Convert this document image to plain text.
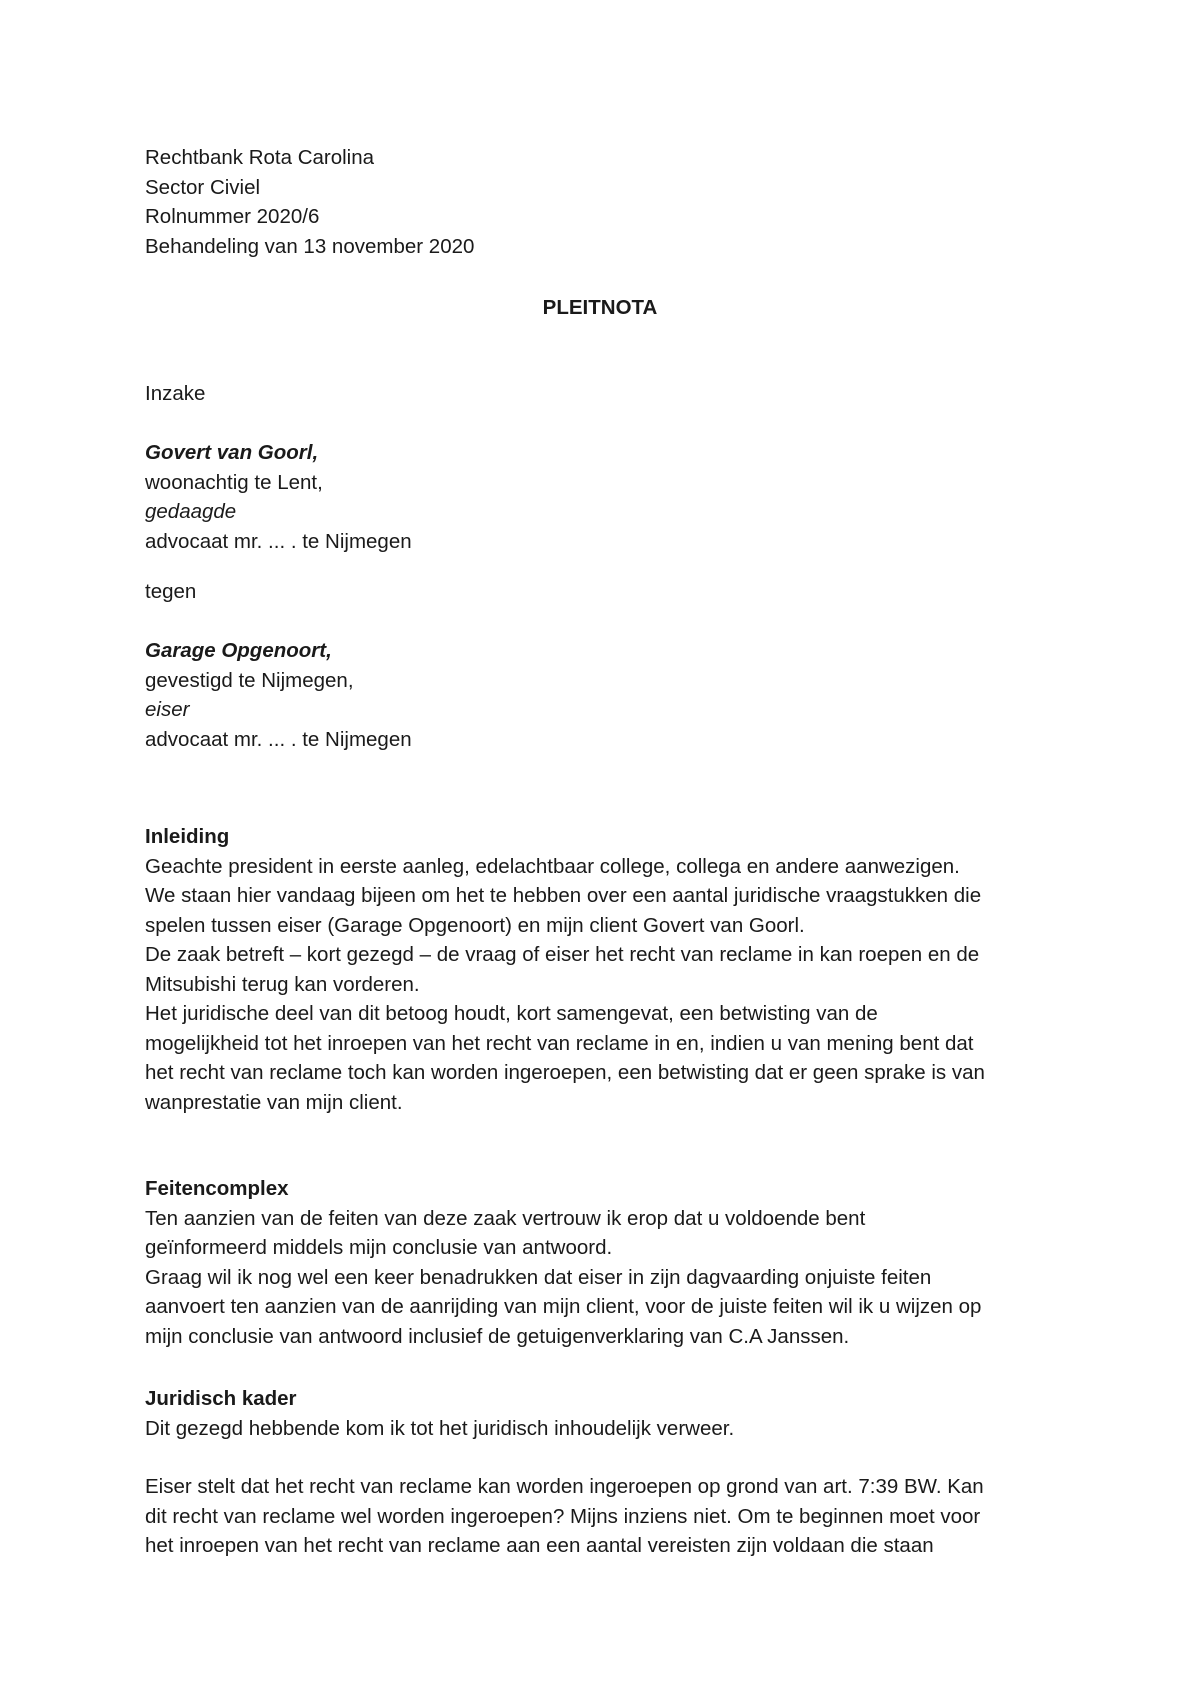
Rechtbank Rota Carolina
Sector Civiel
Rolnummer 2020/6
Behandeling van 13 november 2020
PLEITNOTA
Inzake
Govert van Goorl,
woonachtig te Lent,
gedaagde
advocaat mr. ... . te Nijmegen
tegen
Garage Opgenoort,
gevestigd te Nijmegen,
eiser
advocaat mr. ... . te Nijmegen
Inleiding
Geachte president in eerste aanleg, edelachtbaar college, collega en andere aanwezigen.
We staan hier vandaag bijeen om het te hebben over een aantal juridische vraagstukken die
spelen tussen eiser (Garage Opgenoort) en mijn client Govert van Goorl.
De zaak betreft – kort gezegd – de vraag of eiser het recht van reclame in kan roepen en de
Mitsubishi terug kan vorderen.
Het juridische deel van dit betoog houdt, kort samengevat, een betwisting van de
mogelijkheid tot het inroepen van het recht van reclame in en, indien u van mening bent dat
het recht van reclame toch kan worden ingeroepen, een betwisting dat er geen sprake is van
wanprestatie van mijn client.
Feitencomplex
Ten aanzien van de feiten van deze zaak vertrouw ik erop dat u voldoende bent
geïnformeerd middels mijn conclusie van antwoord.
Graag wil ik nog wel een keer benadrukken dat eiser in zijn dagvaarding onjuiste feiten
aanvoert ten aanzien van de aanrijding van mijn client, voor de juiste feiten wil ik u wijzen op
mijn conclusie van antwoord inclusief de getuigenverklaring van C.A Janssen.
Juridisch kader
Dit gezegd hebbende kom ik tot het juridisch inhoudelijk verweer.
Eiser stelt dat het recht van reclame kan worden ingeroepen op grond van art. 7:39 BW. Kan
dit recht van reclame wel worden ingeroepen? Mijns inziens niet. Om te beginnen moet voor
het inroepen van het recht van reclame aan een aantal vereisten zijn voldaan die staan
